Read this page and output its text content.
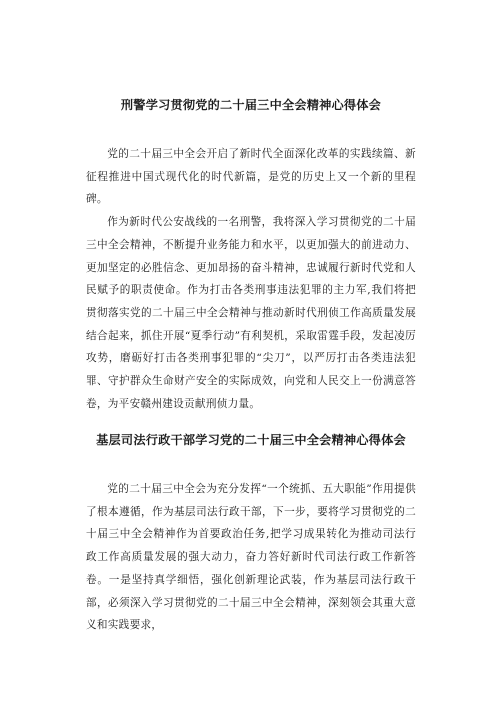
刑警学习贯彻党的二十届三中全会精神心得体会

党的二十届三中全会开启了新时代全面深化改革的实践续篇、新征程推进中国式现代化的时代新篇，是党的历史上又一个新的里程碑。

作为新时代公安战线的一名刑警，我将深入学习贯彻党的二十届三中全会精神，不断提升业务能力和水平，以更加强大的前进动力、更加坚定的必胜信念、更加昂扬的奋斗精神，忠诚履行新时代党和人民赋予的职责使命。作为打击各类刑事违法犯罪的主力军,我们将把贯彻落实党的二十届三中全会精神与推动新时代刑侦工作高质量发展结合起来，抓住开展“夏季行动”有利契机，采取雷霆手段，发起凌厉攻势，磨砺好打击各类刑事犯罪的“尖刀”，以严厉打击各类违法犯罪、守护群众生命财产安全的实际成效，向党和人民交上一份满意答卷，为平安赣州建设贡献刑侦力量。

基层司法行政干部学习党的二十届三中全会精神心得体会

党的二十届三中全会为充分发挥“一个统抓、五大职能”作用提供了根本遵循，作为基层司法行政干部，下一步，要将学习贯彻党的二十届三中全会精神作为首要政治任务,把学习成果转化为推动司法行政工作高质量发展的强大动力，奋力答好新时代司法行政工作新答卷。一是坚持真学细悟，强化创新理论武装，作为基层司法行政干部，必须深入学习贯彻党的二十届三中全会精神，深刻领会其重大意义和实践要求，
